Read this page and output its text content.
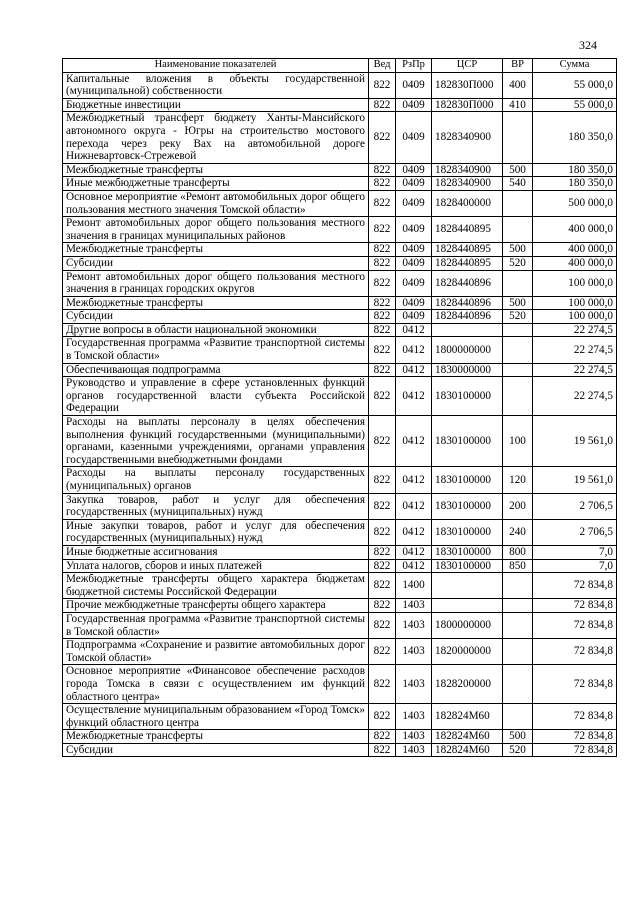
324
Наименование показателей	Вед	РзПр	ЦСР	ВР	Сумма
Капитальные вложения в объекты государственной (муниципальной) собственности	822	0409	182830П000	400	55 000,0
Бюджетные инвестиции	822	0409	182830П000	410	55 000,0
Межбюджетный трансферт бюджету Ханты-Мансийского автономного округа - Югры на строительство мостового перехода через реку Вах на автомобильной дороге Нижневартовск-Стрежевой	822	0409	1828340900		180 350,0
Межбюджетные трансферты	822	0409	1828340900	500	180 350,0
Иные межбюджетные трансферты	822	0409	1828340900	540	180 350,0
Основное мероприятие «Ремонт автомобильных дорог общего пользования местного значения Томской области»	822	0409	1828400000		500 000,0
Ремонт автомобильных дорог общего пользования местного значения в границах муниципальных районов	822	0409	1828440895		400 000,0
Межбюджетные трансферты	822	0409	1828440895	500	400 000,0
Субсидии	822	0409	1828440895	520	400 000,0
Ремонт автомобильных дорог общего пользования местного значения в границах городских округов	822	0409	1828440896		100 000,0
Межбюджетные трансферты	822	0409	1828440896	500	100 000,0
Субсидии	822	0409	1828440896	520	100 000,0
Другие вопросы в области национальной экономики	822	0412			22 274,5
Государственная программа «Развитие транспортной системы в Томской области»	822	0412	1800000000		22 274,5
Обеспечивающая подпрограмма	822	0412	1830000000		22 274,5
Руководство и управление в сфере установленных функций органов государственной власти субъекта Российской Федерации	822	0412	1830100000		22 274,5
Расходы на выплаты персоналу в целях обеспечения выполнения функций государственными (муниципальными) органами, казенными учреждениями, органами управления государственными внебюджетными фондами	822	0412	1830100000	100	19 561,0
Расходы на выплаты персоналу государственных (муниципальных) органов	822	0412	1830100000	120	19 561,0
Закупка товаров, работ и услуг для обеспечения государственных (муниципальных) нужд	822	0412	1830100000	200	2 706,5
Иные закупки товаров, работ и услуг для обеспечения государственных (муниципальных) нужд	822	0412	1830100000	240	2 706,5
Иные бюджетные ассигнования	822	0412	1830100000	800	7,0
Уплата налогов, сборов и иных платежей	822	0412	1830100000	850	7,0
Межбюджетные трансферты общего характера бюджетам бюджетной системы Российской Федерации	822	1400			72 834,8
Прочие межбюджетные трансферты общего характера	822	1403			72 834,8
Государственная программа «Развитие транспортной системы в Томской области»	822	1403	1800000000		72 834,8
Подпрограмма «Сохранение и развитие автомобильных дорог Томской области»	822	1403	1820000000		72 834,8
Основное мероприятие «Финансовое обеспечение расходов города Томска в связи с осуществлением им функций областного центра»	822	1403	1828200000		72 834,8
Осуществление муниципальным образованием «Город Томск» функций областного центра	822	1403	182824М60		72 834,8
Межбюджетные трансферты	822	1403	182824М60	500	72 834,8
Субсидии	822	1403	182824М60	520	72 834,8
